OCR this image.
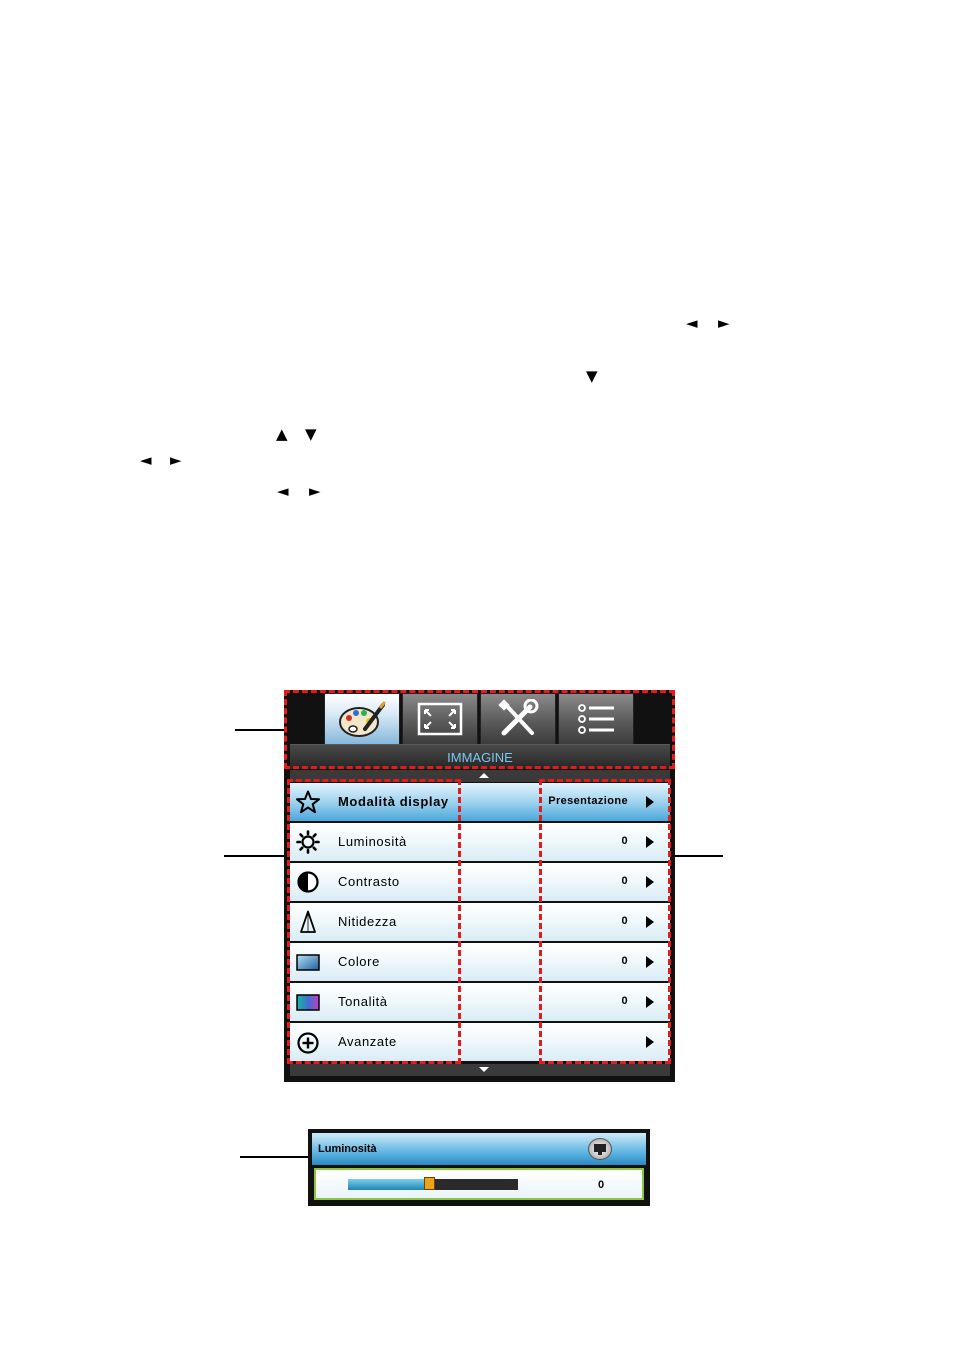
◄ ►
▼
▲ ▼
◄ ►
◄ ►
IMMAGINE
Modalità display	Presentazione
Luminosità	0
Contrasto	0
Nitidezza	0
Colore	0
Tonalità	0
Avanzate
Luminosità
0
